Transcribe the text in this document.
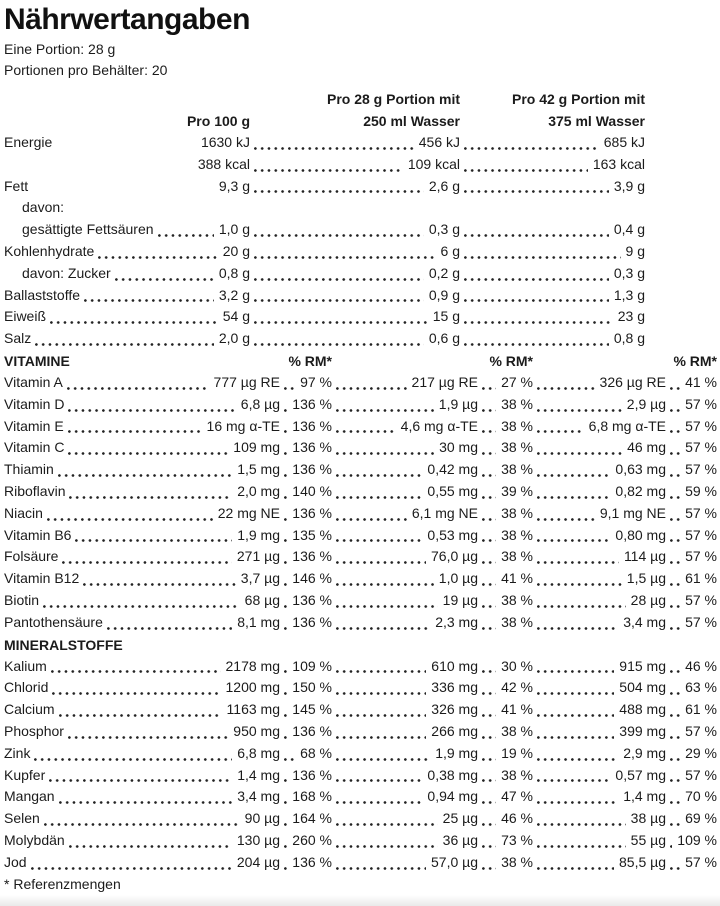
Nährwertangaben
Eine Portion: 28 g
Portionen pro Behälter: 20
Pro 28 g Portion mit	Pro 42 g Portion mit
Pro 100 g	250 ml Wasser	375 ml Wasser
Energie	1630 kJ	456 kJ	685 kJ
388 kcal	109 kcal	163 kcal
Fett	9,3 g	2,6 g	3,9 g
davon:
gesättigte Fettsäuren	1,0 g	0,3 g	0,4 g
Kohlenhydrate	20 g	6 g	9 g
davon: Zucker	0,8 g	0,2 g	0,3 g
Ballaststoffe	3,2 g	0,9 g	1,3 g
Eiweiß	54 g	15 g	23 g
Salz	2,0 g	0,6 g	0,8 g
VITAMINE	% RM*	% RM*	% RM*
Vitamin A	777 µg RE 97 %	217 µg RE 27 %	326 µg RE 41 %
Vitamin D	6,8 µg 136 %	1,9 µg 38 %	2,9 µg 57 %
Vitamin E	16 mg α-TE 136 %	4,6 mg α-TE 38 %	6,8 mg α-TE 57 %
Vitamin C	109 mg 136 %	30 mg 38 %	46 mg 57 %
Thiamin	1,5 mg 136 %	0,42 mg 38 %	0,63 mg 57 %
Riboflavin	2,0 mg 140 %	0,55 mg 39 %	0,82 mg 59 %
Niacin	22 mg NE 136 %	6,1 mg NE 38 %	9,1 mg NE 57 %
Vitamin B6	1,9 mg 135 %	0,53 mg 38 %	0,80 mg 57 %
Folsäure	271 µg 136 %	76,0 µg 38 %	114 µg 57 %
Vitamin B12	3,7 µg 146 %	1,0 µg 41 %	1,5 µg 61 %
Biotin	68 µg 136 %	19 µg 38 %	28 µg 57 %
Pantothensäure	8,1 mg 136 %	2,3 mg 38 %	3,4 mg 57 %
MINERALSTOFFE
Kalium	2178 mg 109 %	610 mg 30 %	915 mg 46 %
Chlorid	1200 mg 150 %	336 mg 42 %	504 mg 63 %
Calcium	1163 mg 145 %	326 mg 41 %	488 mg 61 %
Phosphor	950 mg 136 %	266 mg 38 %	399 mg 57 %
Zink	6,8 mg 68 %	1,9 mg 19 %	2,9 mg 29 %
Kupfer	1,4 mg 136 %	0,38 mg 38 %	0,57 mg 57 %
Mangan	3,4 mg 168 %	0,94 mg 47 %	1,4 mg 70 %
Selen	90 µg 164 %	25 µg 46 %	38 µg 69 %
Molybdän	130 µg 260 %	36 µg 73 %	55 µg 109 %
Jod	204 µg 136 %	57,0 µg 38 %	85,5 µg 57 %
* Referenzmengen
